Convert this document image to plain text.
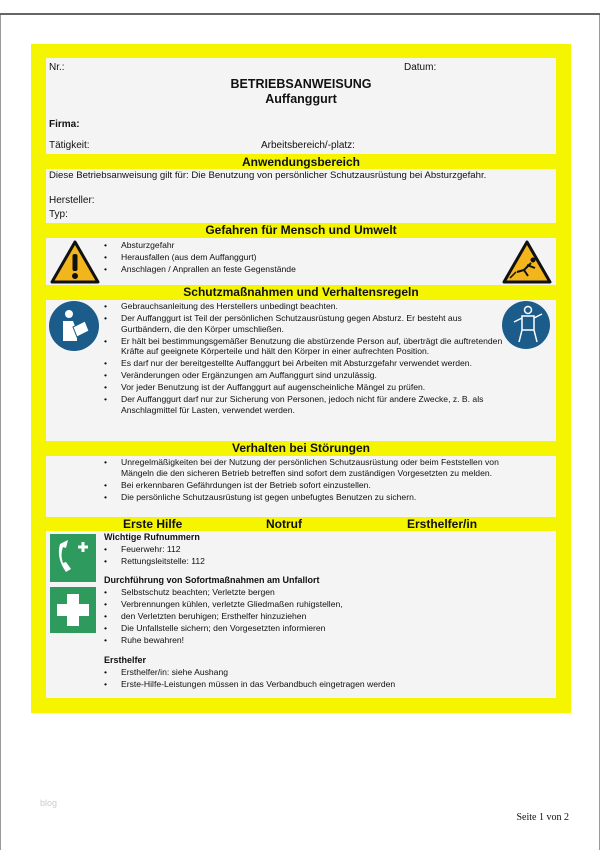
Nr.:	Datum:
BETRIEBSANWEISUNG
Auffanggurt
Firma:
Tätigkeit:	Arbeitsbereich/-platz:
Anwendungsbereich
Diese Betriebsanweisung gilt für: Die Benutzung von persönlicher Schutzausrüstung bei Absturzgefahr.
Hersteller:
Typ:
Gefahren für Mensch und Umwelt
• Absturzgefahr
• Herausfallen (aus dem Auffanggurt)
• Anschlagen / Anprallen an feste Gegenstände
Schutzmaßnahmen und Verhaltensregeln
• Gebrauchsanleitung des Herstellers unbedingt beachten.
• Der Auffanggurt ist Teil der persönlichen Schutzausrüstung gegen Absturz. Er besteht aus Gurtbändern, die den Körper umschließen.
• Er hält bei bestimmungsgemäßer Benutzung die abstürzende Person auf, überträgt die auftretenden Kräfte auf geeignete Körperteile und hält den Körper in einer aufrechten Position.
• Es darf nur der bereitgestellte Auffanggurt bei Arbeiten mit Absturzgefahr verwendet werden.
• Veränderungen oder Ergänzungen am Auffanggurt sind unzulässig.
• Vor jeder Benutzung ist der Auffanggurt auf augenscheinliche Mängel zu prüfen.
• Der Auffanggurt darf nur zur Sicherung von Personen, jedoch nicht für andere Zwecke, z. B. als Anschlagmittel für Lasten, verwendet werden.
Verhalten bei Störungen
• Unregelmäßigkeiten bei der Nutzung der persönlichen Schutzausrüstung oder beim Feststellen von Mängeln die den sicheren Betrieb betreffen sind sofort dem zuständigen Vorgesetzten zu melden.
• Bei erkennbaren Gefährdungen ist der Betrieb sofort einzustellen.
• Die persönliche Schutzausrüstung ist gegen unbefugtes Benutzen zu sichern.
Erste Hilfe	Notruf	Ersthelfer/in
Wichtige Rufnummern
• Feuerwehr: 112
• Rettungsleitstelle: 112
Durchführung von Sofortmaßnahmen am Unfallort
• Selbstschutz beachten; Verletzte bergen
• Verbrennungen kühlen, verletzte Gliedmaßen ruhigstellen,
• den Verletzten beruhigen; Ersthelfer hinzuziehen
• Die Unfallstelle sichern; den Vorgesetzten informieren
• Ruhe bewahren!
Ersthelfer
• Ersthelfer/in: siehe Aushang
• Erste-Hilfe-Leistungen müssen in das Verbandbuch eingetragen werden
blog
Seite 1 von 2
